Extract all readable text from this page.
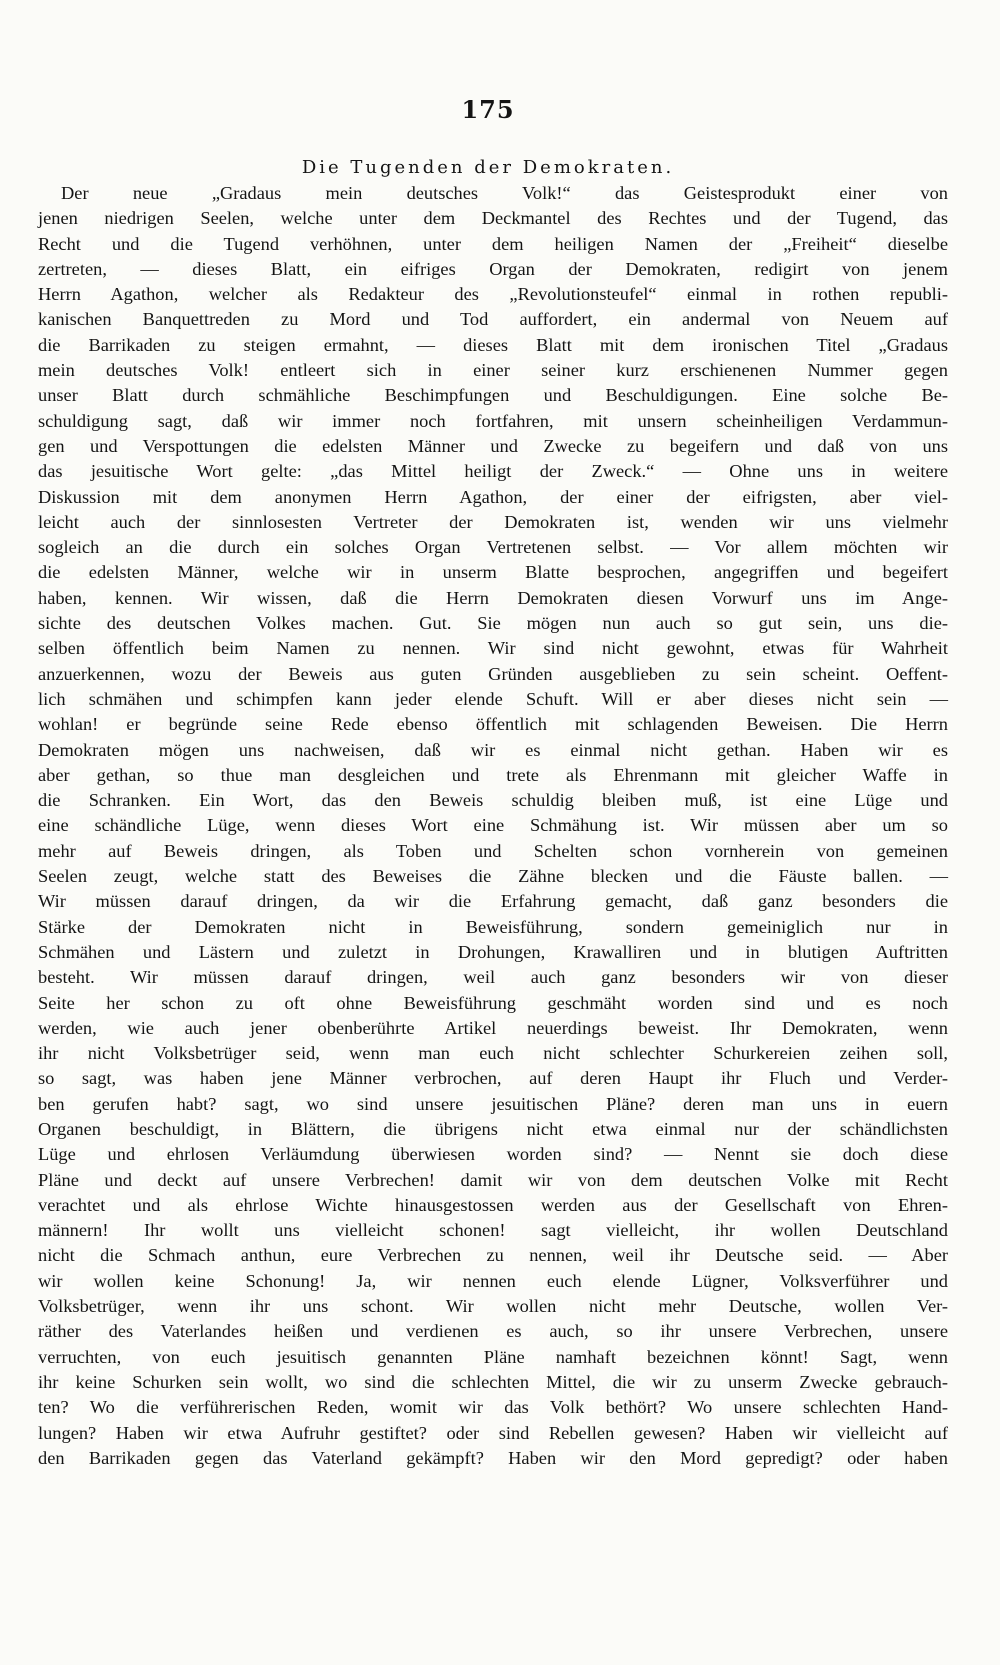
175
Die Tugenden der Demokraten.
Der neue „Gradaus mein deutsches Volk!“ das Geistesprodukt einer von
jenen niedrigen Seelen, welche unter dem Deckmantel des Rechtes und der Tugend, das
Recht und die Tugend verhöhnen, unter dem heiligen Namen der „Freiheit“ dieselbe
zertreten, — dieses Blatt, ein eifriges Organ der Demokraten, redigirt von jenem
Herrn Agathon, welcher als Redakteur des „Revolutionsteufel“ einmal in rothen republi-
kanischen Banquettreden zu Mord und Tod auffordert, ein andermal von Neuem auf
die Barrikaden zu steigen ermahnt, — dieses Blatt mit dem ironischen Titel „Gradaus
mein deutsches Volk! entleert sich in einer seiner kurz erschienenen Nummer gegen
unser Blatt durch schmähliche Beschimpfungen und Beschuldigungen. Eine solche Be-
schuldigung sagt, daß wir immer noch fortfahren, mit unsern scheinheiligen Verdammun-
gen und Verspottungen die edelsten Männer und Zwecke zu begeifern und daß von uns
das jesuitische Wort gelte: „das Mittel heiligt der Zweck.“ — Ohne uns in weitere
Diskussion mit dem anonymen Herrn Agathon, der einer der eifrigsten, aber viel-
leicht auch der sinnlosesten Vertreter der Demokraten ist, wenden wir uns vielmehr
sogleich an die durch ein solches Organ Vertretenen selbst. — Vor allem möchten wir
die edelsten Männer, welche wir in unserm Blatte besprochen, angegriffen und begeifert
haben, kennen. Wir wissen, daß die Herrn Demokraten diesen Vorwurf uns im Ange-
sichte des deutschen Volkes machen. Gut. Sie mögen nun auch so gut sein, uns die-
selben öffentlich beim Namen zu nennen. Wir sind nicht gewohnt, etwas für Wahrheit
anzuerkennen, wozu der Beweis aus guten Gründen ausgeblieben zu sein scheint. Oeffent-
lich schmähen und schimpfen kann jeder elende Schuft. Will er aber dieses nicht sein —
wohlan! er begründe seine Rede ebenso öffentlich mit schlagenden Beweisen. Die Herrn
Demokraten mögen uns nachweisen, daß wir es einmal nicht gethan. Haben wir es
aber gethan, so thue man desgleichen und trete als Ehrenmann mit gleicher Waffe in
die Schranken. Ein Wort, das den Beweis schuldig bleiben muß, ist eine Lüge und
eine schändliche Lüge, wenn dieses Wort eine Schmähung ist. Wir müssen aber um so
mehr auf Beweis dringen, als Toben und Schelten schon vornherein von gemeinen
Seelen zeugt, welche statt des Beweises die Zähne blecken und die Fäuste ballen. —
Wir müssen darauf dringen, da wir die Erfahrung gemacht, daß ganz besonders die
Stärke der Demokraten nicht in Beweisführung, sondern gemeiniglich nur in
Schmähen und Lästern und zuletzt in Drohungen, Krawalliren und in blutigen Auftritten
besteht. Wir müssen darauf dringen, weil auch ganz besonders wir von dieser
Seite her schon zu oft ohne Beweisführung geschmäht worden sind und es noch
werden, wie auch jener obenberührte Artikel neuerdings beweist. Ihr Demokraten, wenn
ihr nicht Volksbetrüger seid, wenn man euch nicht schlechter Schurkereien zeihen soll,
so sagt, was haben jene Männer verbrochen, auf deren Haupt ihr Fluch und Verder-
ben gerufen habt? sagt, wo sind unsere jesuitischen Pläne? deren man uns in euern
Organen beschuldigt, in Blättern, die übrigens nicht etwa einmal nur der schändlichsten
Lüge und ehrlosen Verläumdung überwiesen worden sind? — Nennt sie doch diese
Pläne und deckt auf unsere Verbrechen! damit wir von dem deutschen Volke mit Recht
verachtet und als ehrlose Wichte hinausgestossen werden aus der Gesellschaft von Ehren-
männern! Ihr wollt uns vielleicht schonen! sagt vielleicht, ihr wollen Deutschland
nicht die Schmach anthun, eure Verbrechen zu nennen, weil ihr Deutsche seid. — Aber
wir wollen keine Schonung! Ja, wir nennen euch elende Lügner, Volksverführer und
Volksbetrüger, wenn ihr uns schont. Wir wollen nicht mehr Deutsche, wollen Ver-
räther des Vaterlandes heißen und verdienen es auch, so ihr unsere Verbrechen, unsere
verruchten, von euch jesuitisch genannten Pläne namhaft bezeichnen könnt! Sagt, wenn
ihr keine Schurken sein wollt, wo sind die schlechten Mittel, die wir zu unserm Zwecke gebrauch-
ten? Wo die verführerischen Reden, womit wir das Volk bethört? Wo unsere schlechten Hand-
lungen? Haben wir etwa Aufruhr gestiftet? oder sind Rebellen gewesen? Haben wir vielleicht auf
den Barrikaden gegen das Vaterland gekämpft? Haben wir den Mord gepredigt? oder haben
